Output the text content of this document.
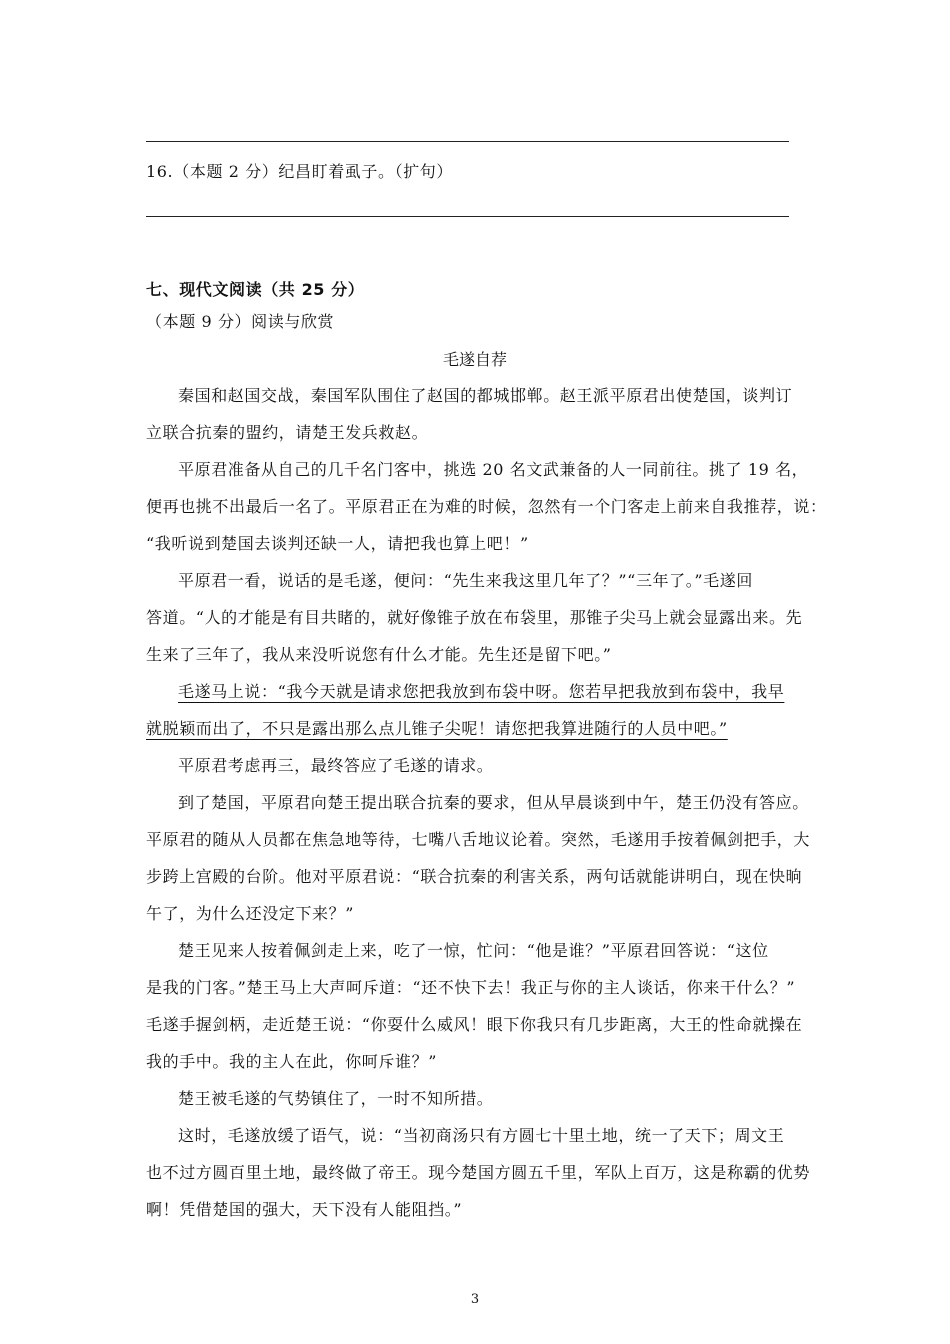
16.（本题 2 分）纪昌盯着虱子。（扩句）
七、现代文阅读（共 25 分）
（本题 9 分）阅读与欣赏
毛遂自荐
秦国和赵国交战，秦国军队围住了赵国的都城邯郸。赵王派平原君出使楚国，谈判订
立联合抗秦的盟约，请楚王发兵救赵。
平原君准备从自己的几千名门客中，挑选 20 名文武兼备的人一同前往。挑了 19 名，
便再也挑不出最后一名了。平原君正在为难的时候，忽然有一个门客走上前来自我推荐，说：
“我听说到楚国去谈判还缺一人，请把我也算上吧！”
平原君一看，说话的是毛遂，便问：“先生来我这里几年了？”“三年了。”毛遂回
答道。“人的才能是有目共睹的，就好像锥子放在布袋里，那锥子尖马上就会显露出来。先
生来了三年了，我从来没听说您有什么才能。先生还是留下吧。”
毛遂马上说：“我今天就是请求您把我放到布袋中呀。您若早把我放到布袋中，我早
就脱颖而出了，不只是露出那么点儿锥子尖呢！请您把我算进随行的人员中吧。”
平原君考虑再三，最终答应了毛遂的请求。
到了楚国，平原君向楚王提出联合抗秦的要求，但从早晨谈到中午，楚王仍没有答应。
平原君的随从人员都在焦急地等待，七嘴八舌地议论着。突然，毛遂用手按着佩剑把手，大
步跨上宫殿的台阶。他对平原君说：“联合抗秦的利害关系，两句话就能讲明白，现在快晌
午了，为什么还没定下来？”
楚王见来人按着佩剑走上来，吃了一惊，忙问：“他是谁？”平原君回答说：“这位
是我的门客。”楚王马上大声呵斥道：“还不快下去！我正与你的主人谈话，你来干什么？”
毛遂手握剑柄，走近楚王说：“你耍什么威风！眼下你我只有几步距离，大王的性命就操在
我的手中。我的主人在此，你呵斥谁？”
楚王被毛遂的气势镇住了，一时不知所措。
这时，毛遂放缓了语气，说：“当初商汤只有方圆七十里土地，统一了天下；周文王
也不过方圆百里土地，最终做了帝王。现今楚国方圆五千里，军队上百万，这是称霸的优势
啊！凭借楚国的强大，天下没有人能阻挡。”
3
